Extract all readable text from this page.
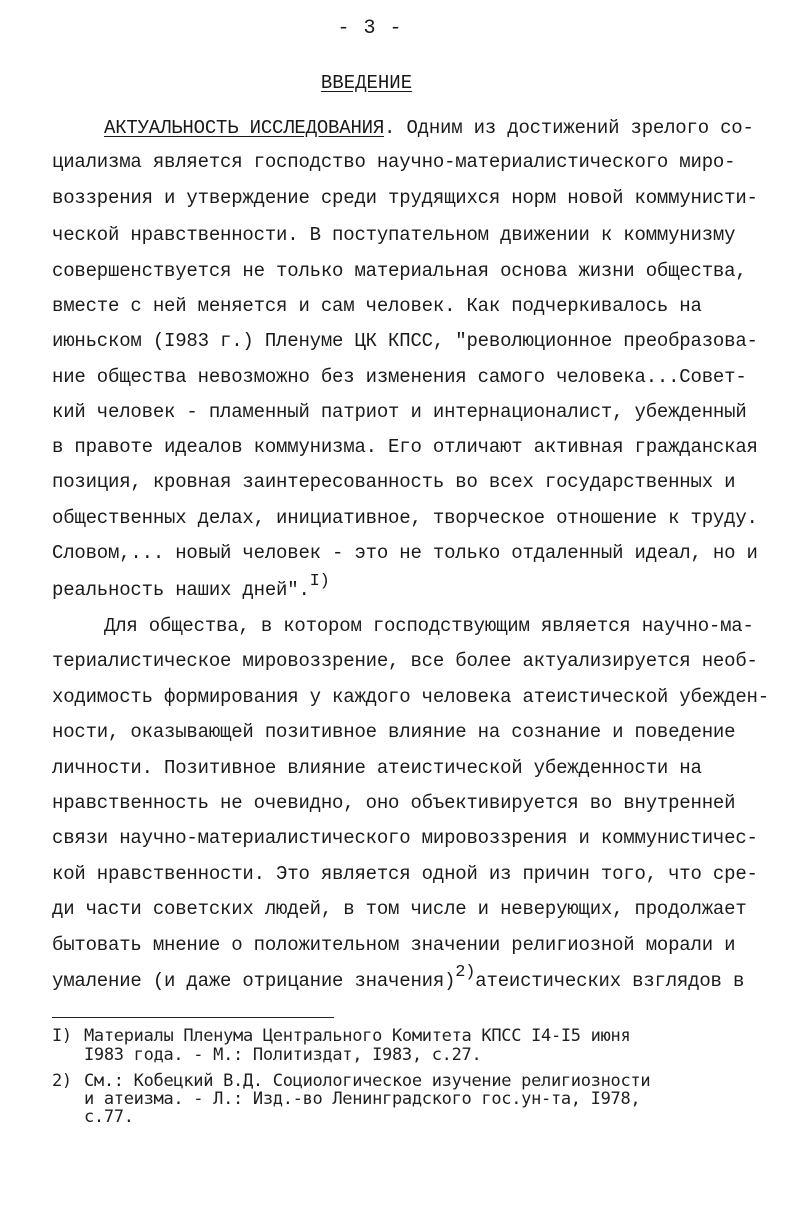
- 3 -
ВВЕДЕНИЕ
АКТУАЛЬНОСТЬ ИССЛЕДОВАНИЯ. Одним из достижений зрелого со-
циализма является господство научно-материалистического миро-
воззрения и утверждение среди трудящихся норм новой коммунисти-
ческой нравственности. В поступательном движении к коммунизму
совершенствуется не только материальная основа жизни общества,
вместе с ней меняется и сам человек. Как подчеркивалось на
июньском (I983 г.) Пленуме ЦК КПСС, "революционное преобразова-
ние общества невозможно без изменения самого человека...Совет-
кий человек - пламенный патриот и интернационалист, убежденный
в правоте идеалов коммунизма. Его отличают активная гражданская
позиция, кровная заинтересованность во всех государственных и
общественных делах, инициативное, творческое отношение к труду.
Словом,... новый человек - это не только отдаленный идеал, но и
реальность наших дней".I)
Для общества, в котором господствующим является научно-ма-
териалистическое мировоззрение, все более актуализируется необ-
ходимость формирования у каждого человека атеистической убежден-
ности, оказывающей позитивное влияние на сознание и поведение
личности. Позитивное влияние атеистической убежденности на
нравственность не очевидно, оно объективируется во внутренней
связи научно-материалистического мировоззрения и коммунистичес-
кой нравственности. Это является одной из причин того, что сре-
ди части советских людей, в том числе и неверующих, продолжает
бытовать мнение о положительном значении религиозной морали и
умаление (и даже отрицание значения)2)атеистических взглядов в
I) Материалы Пленума Центрального Комитета КПСС I4-I5 июня
I983 года. - М.: Политиздат, I983, с.27.
2) См.: Кобецкий В.Д. Социологическое изучение религиозности
и атеизма. - Л.: Изд.-во Ленинградского гос.ун-та, I978,
с.77.
